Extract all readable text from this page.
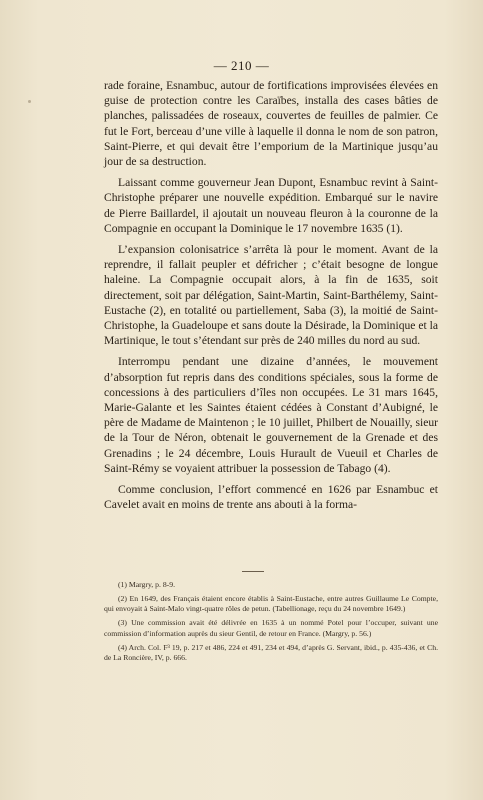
— 210 —

rade foraine, Esnambuc, autour de fortifications improvisées élevées en guise de protection contre les Caraïbes, installa des cases bâties de planches, palissadées de roseaux, couvertes de feuilles de palmier. Ce fut le Fort, berceau d’une ville à laquelle il donna le nom de son patron, Saint-Pierre, et qui devait être l’emporium de la Martinique jusqu’au jour de sa destruction.

Laissant comme gouverneur Jean Dupont, Esnambuc revint à Saint-Christophe préparer une nouvelle expédition. Embarqué sur le navire de Pierre Baillardel, il ajoutait un nouveau fleuron à la couronne de la Compagnie en occupant la Dominique le 17 novembre 1635 (1).

L’expansion colonisatrice s’arrêta là pour le moment. Avant de la reprendre, il fallait peupler et défricher ; c’était besogne de longue haleine. La Compagnie occupait alors, à la fin de 1635, soit directement, soit par délégation, Saint-Martin, Saint-Barthélemy, Saint-Eustache (2), en totalité ou partiellement, Saba (3), la moitié de Saint-Christophe, la Guadeloupe et sans doute la Désirade, la Dominique et la Martinique, le tout s’étendant sur près de 240 milles du nord au sud.

Interrompu pendant une dizaine d’années, le mouvement d’absorption fut repris dans des conditions spéciales, sous la forme de concessions à des particuliers d’îles non occupées. Le 31 mars 1645, Marie-Galante et les Saintes étaient cédées à Constant d’Aubigné, le père de Madame de Maintenon ; le 10 juillet, Philbert de Nouailly, sieur de la Tour de Néron, obtenait le gouvernement de la Grenade et des Grenadins ; le 24 décembre, Louis Hurault de Vueuil et Charles de Saint-Rémy se voyaient attribuer la possession de Tabago (4).

Comme conclusion, l’effort commencé en 1626 par Esnambuc et Cavelet avait en moins de trente ans abouti à la forma-

(1) Margry, p. 8-9.

(2) En 1649, des Français étaient encore établis à Saint-Eustache, entre autres Guillaume Le Compte, qui envoyait à Saint-Malo vingt-quatre rôles de petun. (Tabellionage, reçu du 24 novembre 1649.)

(3) Une commission avait été délivrée en 1635 à un nommé Potel pour l’occuper, suivant une commission d’information auprès du sieur Gentil, de retour en France. (Margry, p. 56.)

(4) Arch. Col. F³ 19, p. 217 et 486, 224 et 491, 234 et 494, d’après G. Servant, ibid., p. 435-436, et Ch. de La Roncière, IV, p. 666.
